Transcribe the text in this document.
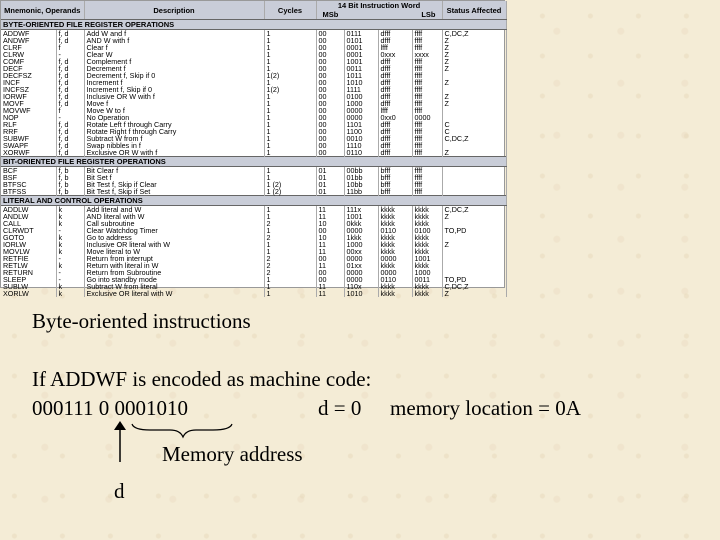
Mnemonic, Operands		Description	Cycles	14 Bit Instruction Word
MSb LSb				Status Affected
BYTE-ORIENTED FILE REGISTER OPERATIONS								
ADDWF	f, d	Add W and f	1	00	0111	dfff	ffff	C,DC,Z
ANDWF	f, d	AND W with f	1	00	0101	dfff	ffff	Z
CLRF	f	Clear f	1	00	0001	lfff	ffff	Z
CLRW	-	Clear W	1	00	0001	0xxx	xxxx	Z
COMF	f, d	Complement f	1	00	1001	dfff	ffff	Z
DECF	f, d	Decrement f	1	00	0011	dfff	ffff	Z
DECFSZ	f, d	Decrement f, Skip if 0	1(2)	00	1011	dfff	ffff	
INCF	f, d	Increment f	1	00	1010	dfff	ffff	Z
INCFSZ	f, d	Increment f, Skip if 0	1(2)	00	1111	dfff	ffff	
IORWF	f, d	Inclusive OR W with f	1	00	0100	dfff	ffff	Z
MOVF	f, d	Move f	1	00	1000	dfff	ffff	Z
MOVWF	f	Move W to f	1	00	0000	lfff	ffff	
NOP	-	No Operation	1	00	0000	0xx0	0000	
RLF	f, d	Rotate Left f through Carry	1	00	1101	dfff	ffff	C
RRF	f, d	Rotate Right f through Carry	1	00	1100	dfff	ffff	C
SUBWF	f, d	Subtract W from f	1	00	0010	dfff	ffff	C,DC,Z
SWAPF	f, d	Swap nibbles in f	1	00	1110	dfff	ffff	
XORWF	f, d	Exclusive OR W with f	1	00	0110	dfff	ffff	Z
BIT-ORIENTED FILE REGISTER OPERATIONS								
BCF	f, b	Bit Clear f	1	01	00bb	bfff	ffff	
BSF	f, b	Bit Set f	1	01	01bb	bfff	ffff	
BTFSC	f, b	Bit Test f, Skip if Clear	1 (2)	01	10bb	bfff	ffff	
BTFSS	f, b	Bit Test f, Skip if Set	1 (2)	01	11bb	bfff	ffff	
LITERAL AND CONTROL OPERATIONS								
ADDLW	k	Add literal and W	1	11	111x	kkkk	kkkk	C,DC,Z
ANDLW	k	AND literal with W	1	11	1001	kkkk	kkkk	Z
CALL	k	Call subroutine	2	10	0kkk	kkkk	kkkk	
CLRWDT	-	Clear Watchdog Timer	1	00	0000	0110	0100	TO,PD
GOTO	k	Go to address	2	10	1kkk	kkkk	kkkk	
IORLW	k	Inclusive OR literal with W	1	11	1000	kkkk	kkkk	Z
MOVLW	k	Move literal to W	1	11	00xx	kkkk	kkkk	
RETFIE	-	Return from interrupt	2	00	0000	0000	1001	
RETLW	k	Return with literal in W	2	11	01xx	kkkk	kkkk	
RETURN	-	Return from Subroutine	2	00	0000	0000	1000	
SLEEP	-	Go into standby mode	1	00	0000	0110	0011	TO,PD
SUBLW	k	Subtract W from literal	1	11	110x	kkkk	kkkk	C,DC,Z
XORLW	k	Exclusive OR literal with W	1	11	1010	kkkk	kkkk	Z
Byte-oriented instructions
If ADDWF is encoded as machine code:
000111 0 0001010	d = 0 memory location = 0A
Memory address
d
